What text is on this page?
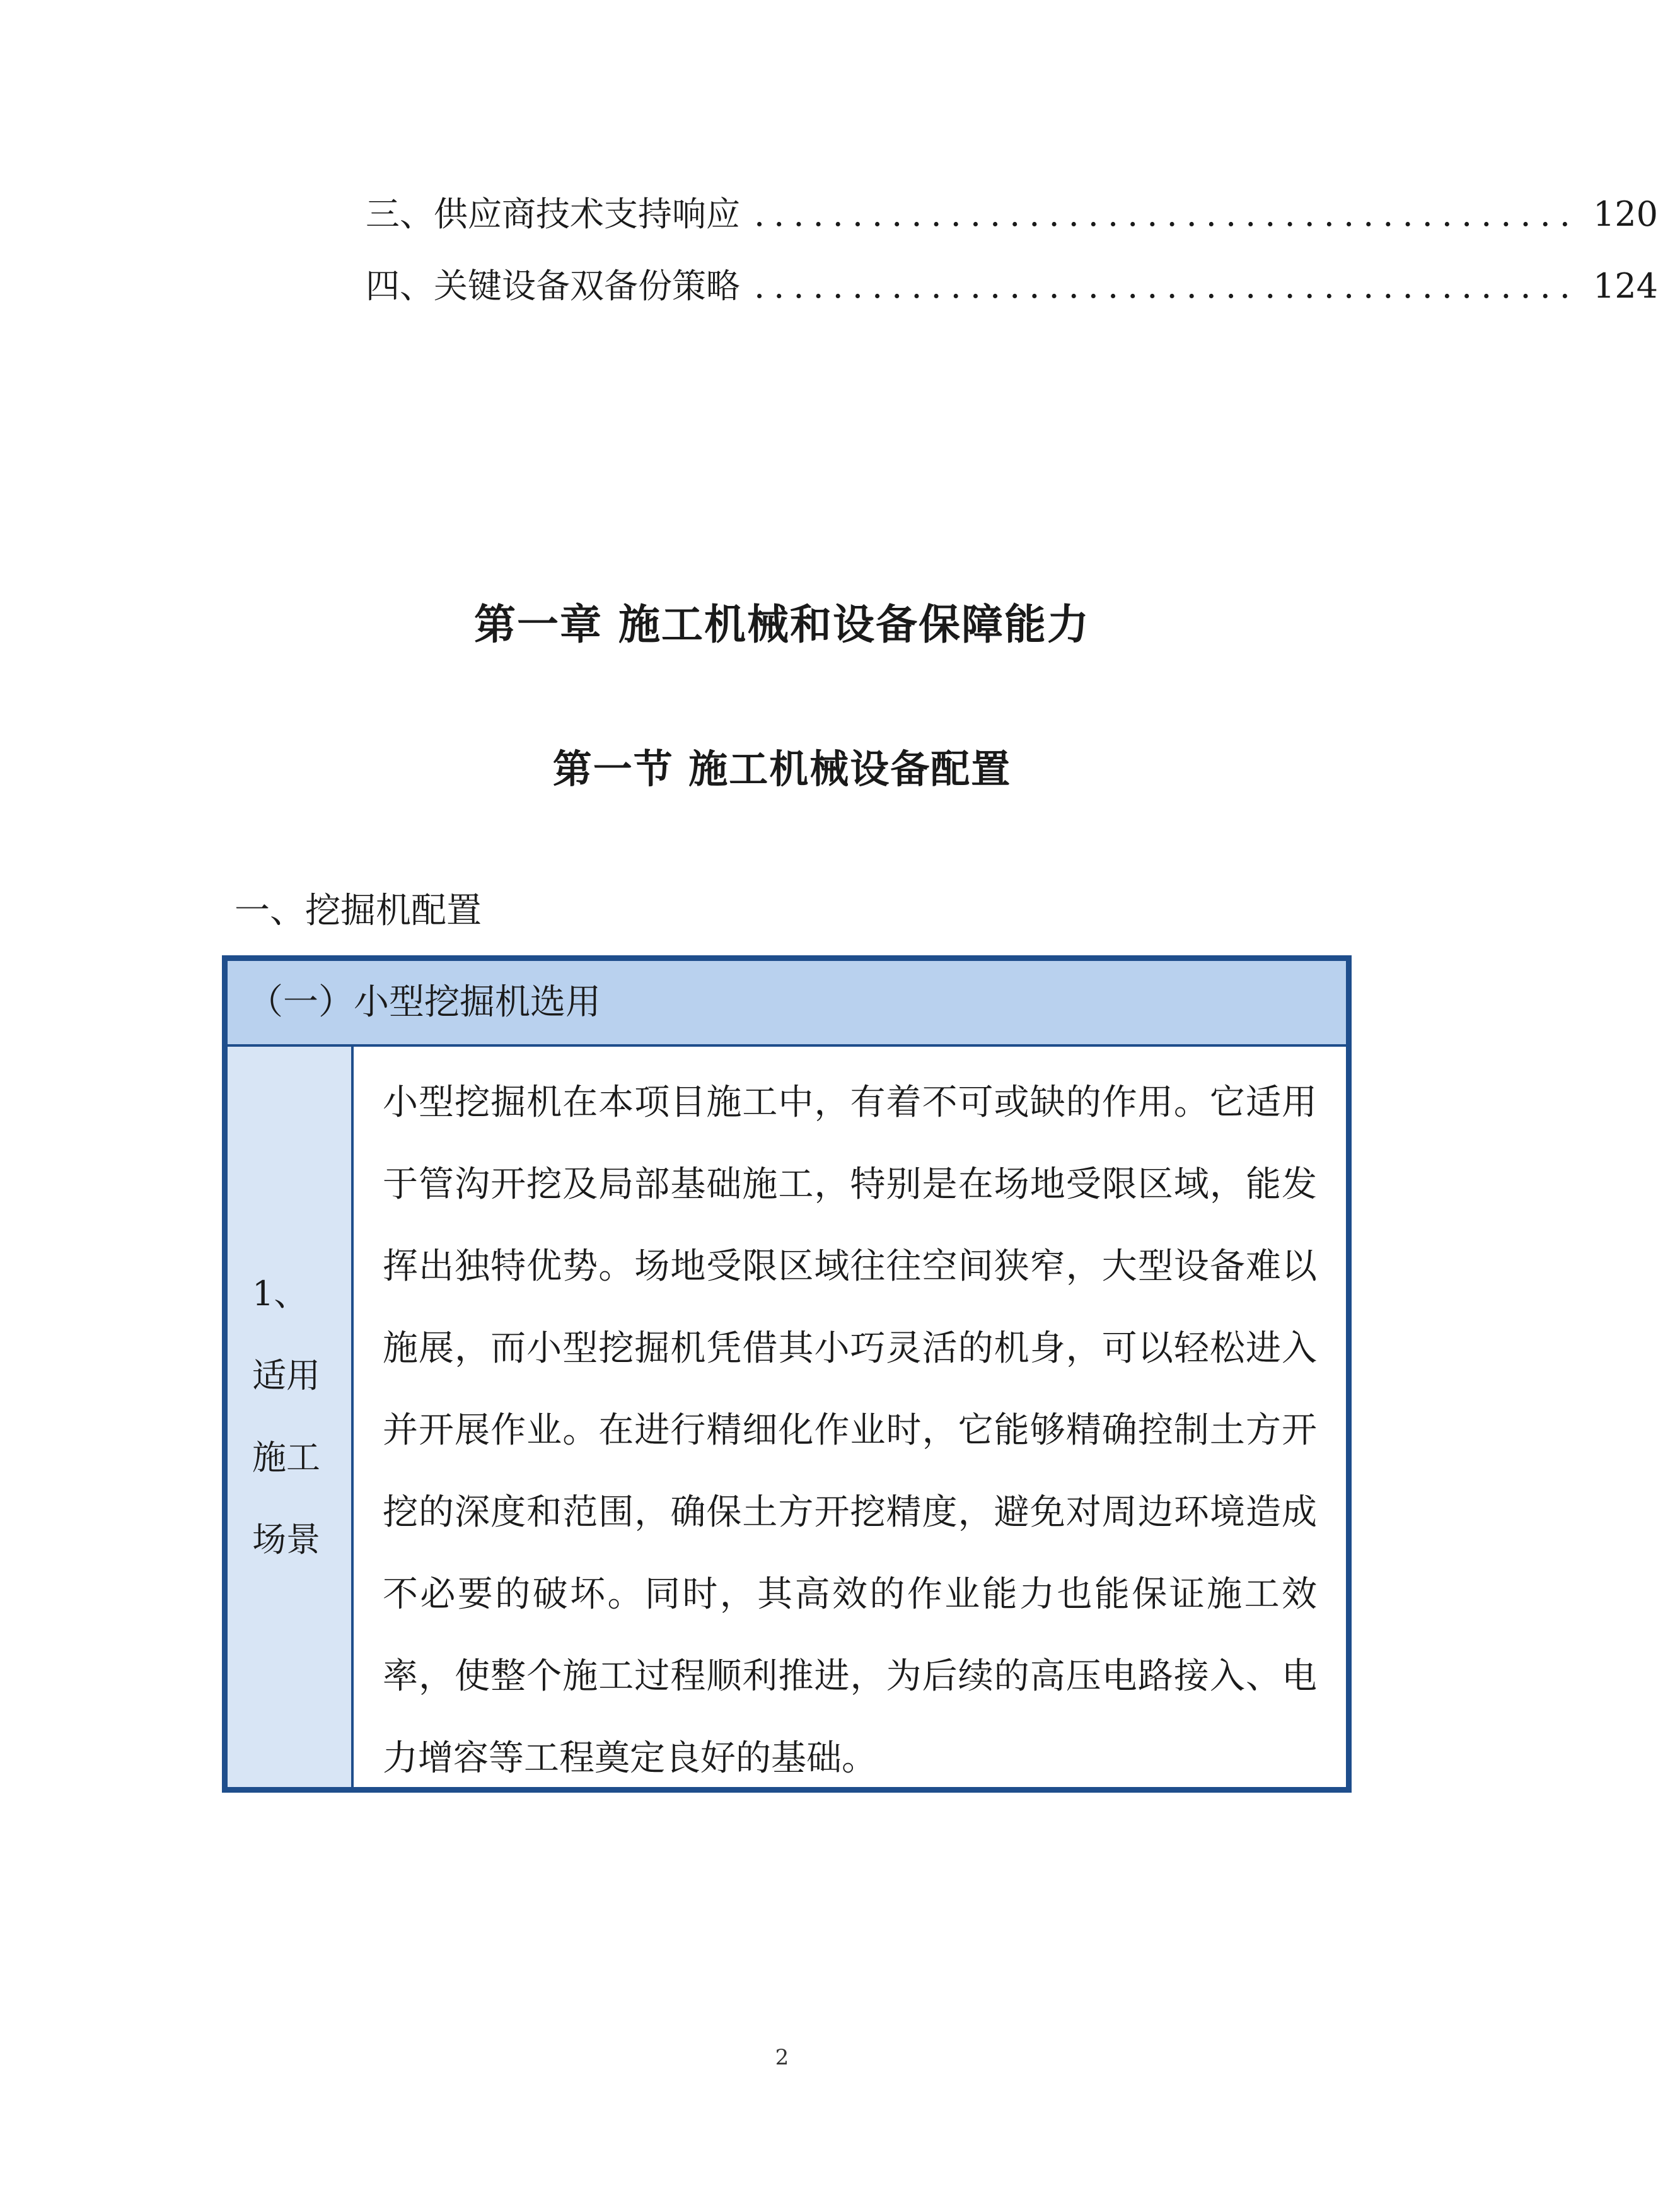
三、供应商技术支持响应 .......................................... 120
四、关键设备双备份策略 .......................................... 124
第一章 施工机械和设备保障能力
第一节 施工机械设备配置
一、挖掘机配置
（一）小型挖掘机选用
1、适用施工场景
小型挖掘机在本项目施工中，有着不可或缺的作用。它适用于管沟开挖及局部基础施工，特别是在场地受限区域，能发挥出独特优势。场地受限区域往往空间狭窄，大型设备难以施展，而小型挖掘机凭借其小巧灵活的机身，可以轻松进入并开展作业。在进行精细化作业时，它能够精确控制土方开挖的深度和范围，确保土方开挖精度，避免对周边环境造成不必要的破坏。同时，其高效的作业能力也能保证施工效率，使整个施工过程顺利推进，为后续的高压电路接入、电力增容等工程奠定良好的基础。
2
